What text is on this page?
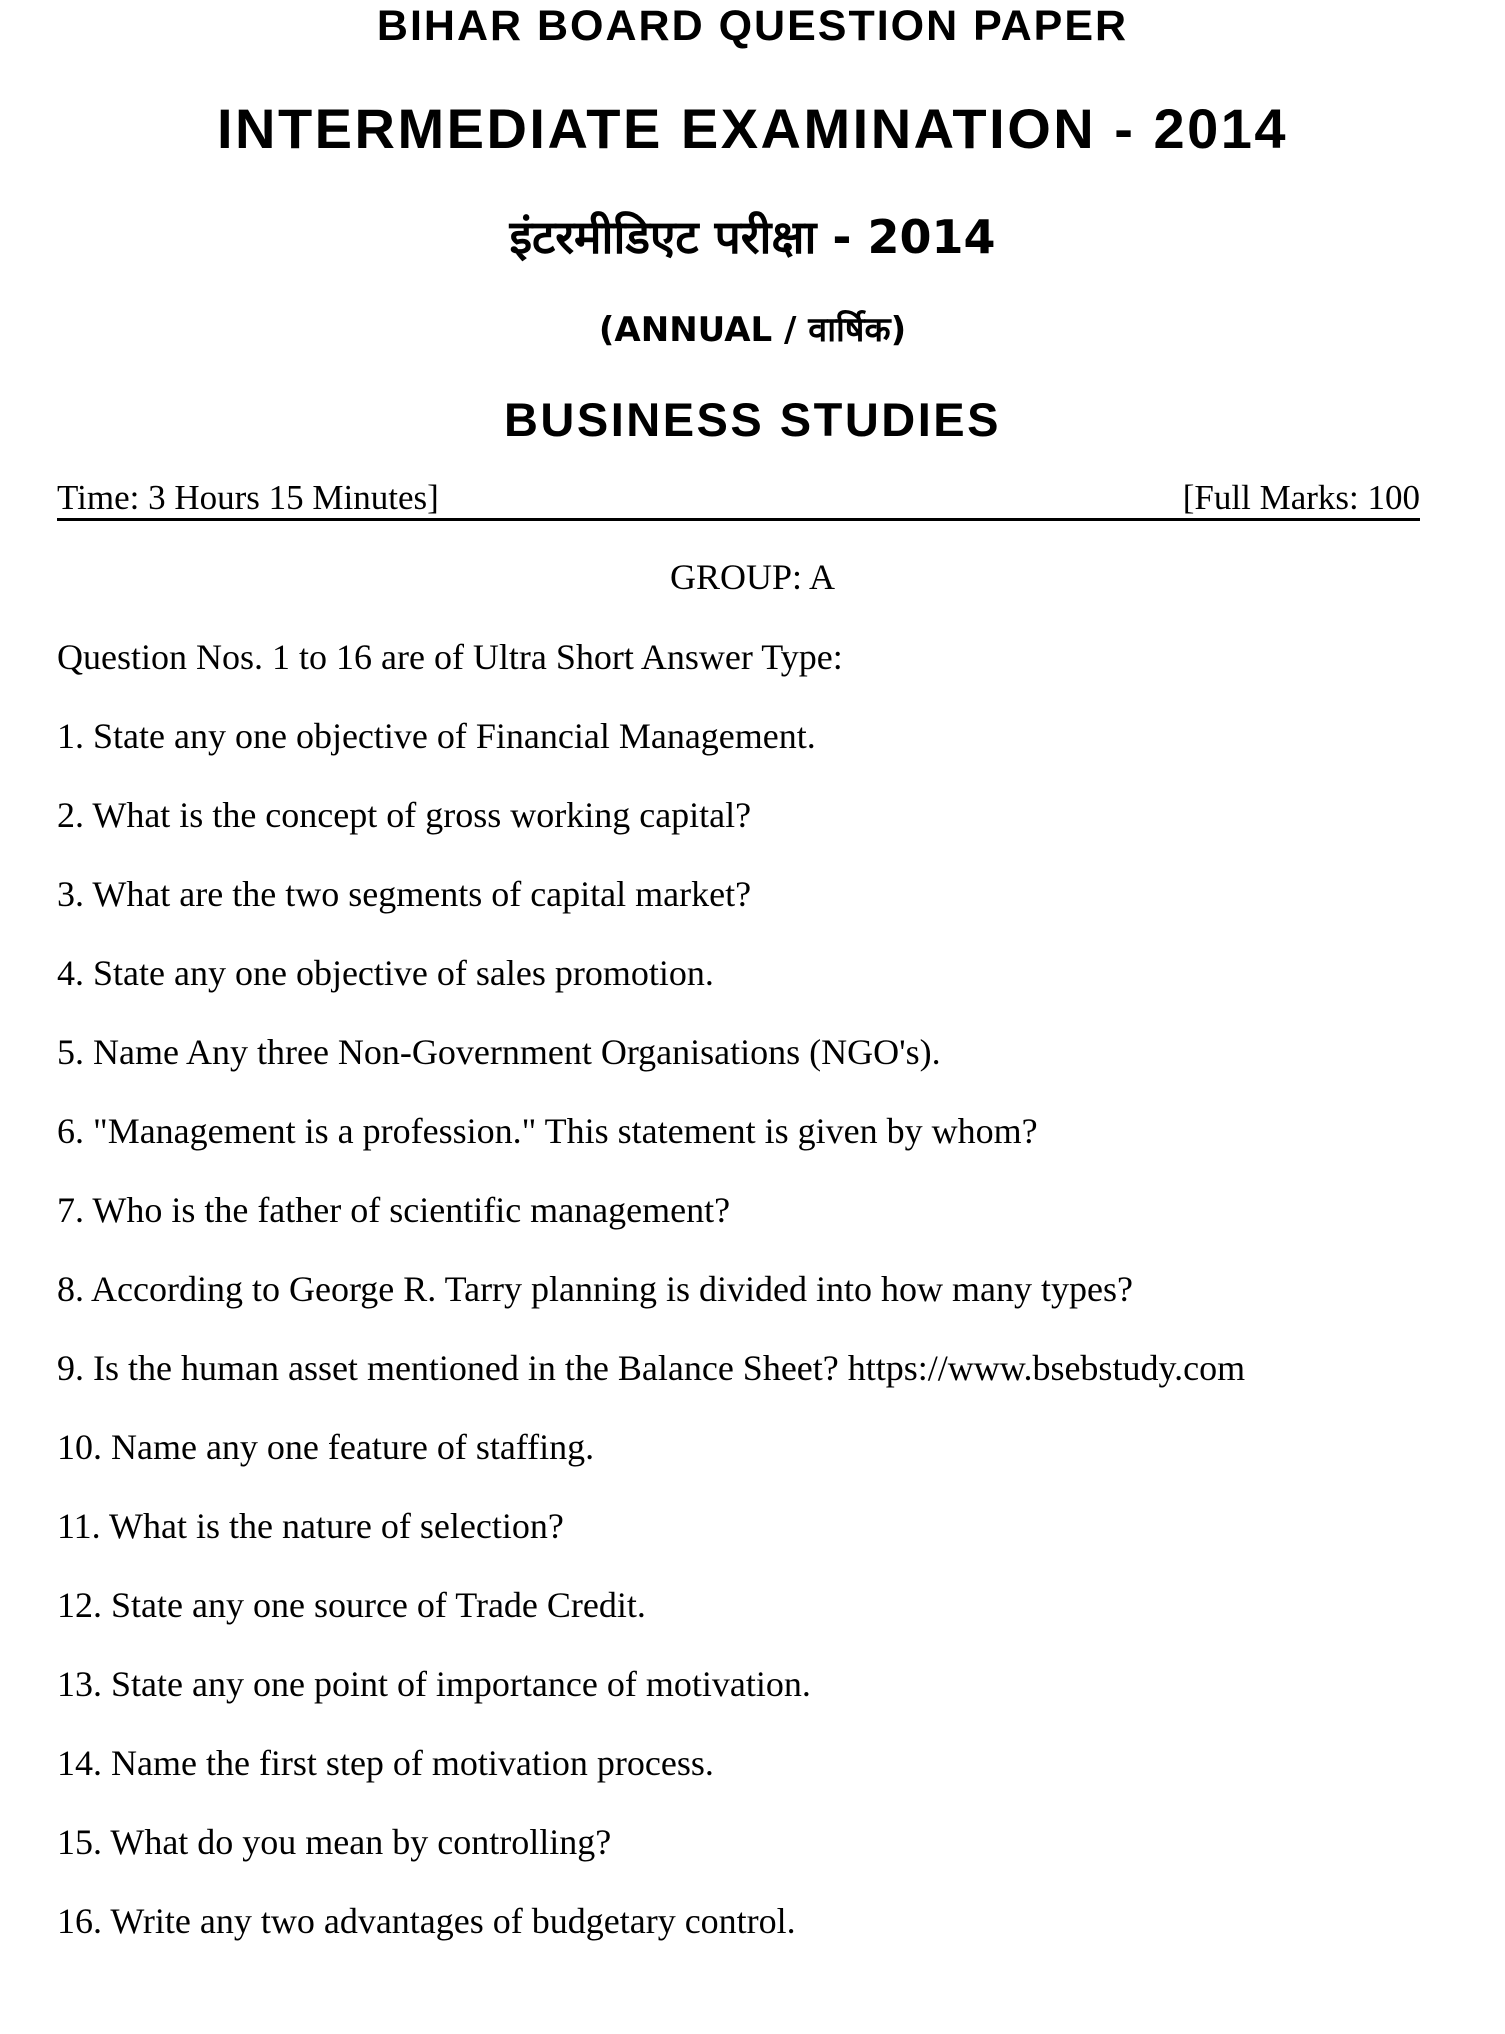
BIHAR BOARD QUESTION PAPER
INTERMEDIATE EXAMINATION - 2014
इंटरमीडिएट परीक्षा - 2014
(ANNUAL / वार्षिक)
BUSINESS STUDIES
Time: 3 Hours 15 Minutes]	[Full Marks: 100
GROUP: A
Question Nos. 1 to 16 are of Ultra Short Answer Type:
1. State any one objective of Financial Management.
2. What is the concept of gross working capital?
3. What are the two segments of capital market?
4. State any one objective of sales promotion.
5. Name Any three Non-Government Organisations (NGO's).
6. "Management is a profession." This statement is given by whom?
7. Who is the father of scientific management?
8. According to George R. Tarry planning is divided into how many types?
9. Is the human asset mentioned in the Balance Sheet? https://www.bsebstudy.com
10. Name any one feature of staffing.
11. What is the nature of selection?
12. State any one source of Trade Credit.
13. State any one point of importance of motivation.
14. Name the first step of motivation process.
15. What do you mean by controlling?
16. Write any two advantages of budgetary control.
